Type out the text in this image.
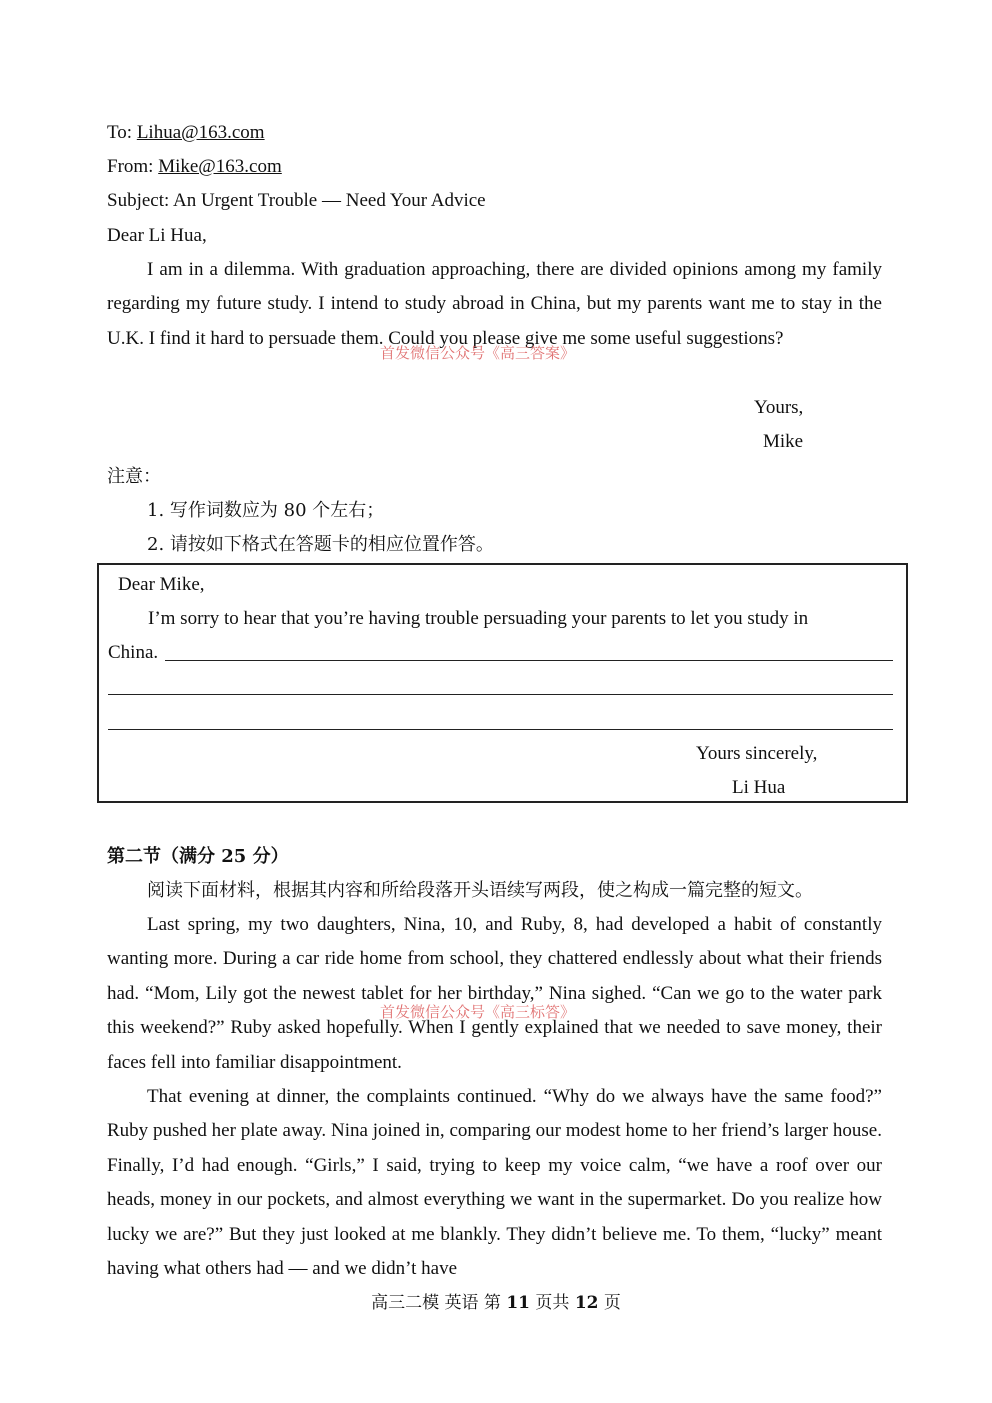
To: Lihua@163.com
From: Mike@163.com
Subject: An Urgent Trouble — Need Your Advice
Dear Li Hua,
I am in a dilemma. With graduation approaching, there are divided opinions among my family regarding my future study. I intend to study abroad in China, but my parents want me to stay in the U.K. I find it hard to persuade them. Could you please give me some useful suggestions?
Yours,
Mike
首发微信公众号《高三答案》
注意：
1. 写作词数应为 80 个左右；
2. 请按如下格式在答题卡的相应位置作答。
Dear Mike,
I’m sorry to hear that you’re having trouble persuading your parents to let you study in
China.
Yours sincerely,
Li Hua
第二节（满分 25 分）
阅读下面材料，根据其内容和所给段落开头语续写两段，使之构成一篇完整的短文。
Last spring, my two daughters, Nina, 10, and Ruby, 8, had developed a habit of constantly wanting more. During a car ride home from school, they chattered endlessly about what their friends had. “Mom, Lily got the newest tablet for her birthday,” Nina sighed. “Can we go to the water park this weekend?” Ruby asked hopefully. When I gently explained that we needed to save money, their faces fell into familiar disappointment.
That evening at dinner, the complaints continued. “Why do we always have the same food?” Ruby pushed her plate away. Nina joined in, comparing our modest home to her friend’s larger house. Finally, I’d had enough. “Girls,” I said, trying to keep my voice calm, “we have a roof over our heads, money in our pockets, and almost everything we want in the supermarket. Do you realize how lucky we are?” But they just looked at me blankly. They didn’t believe me. To them, “lucky” meant having what others had — and we didn’t have
首发微信公众号《高三标答》
高三二模 英语 第 11 页共 12 页
